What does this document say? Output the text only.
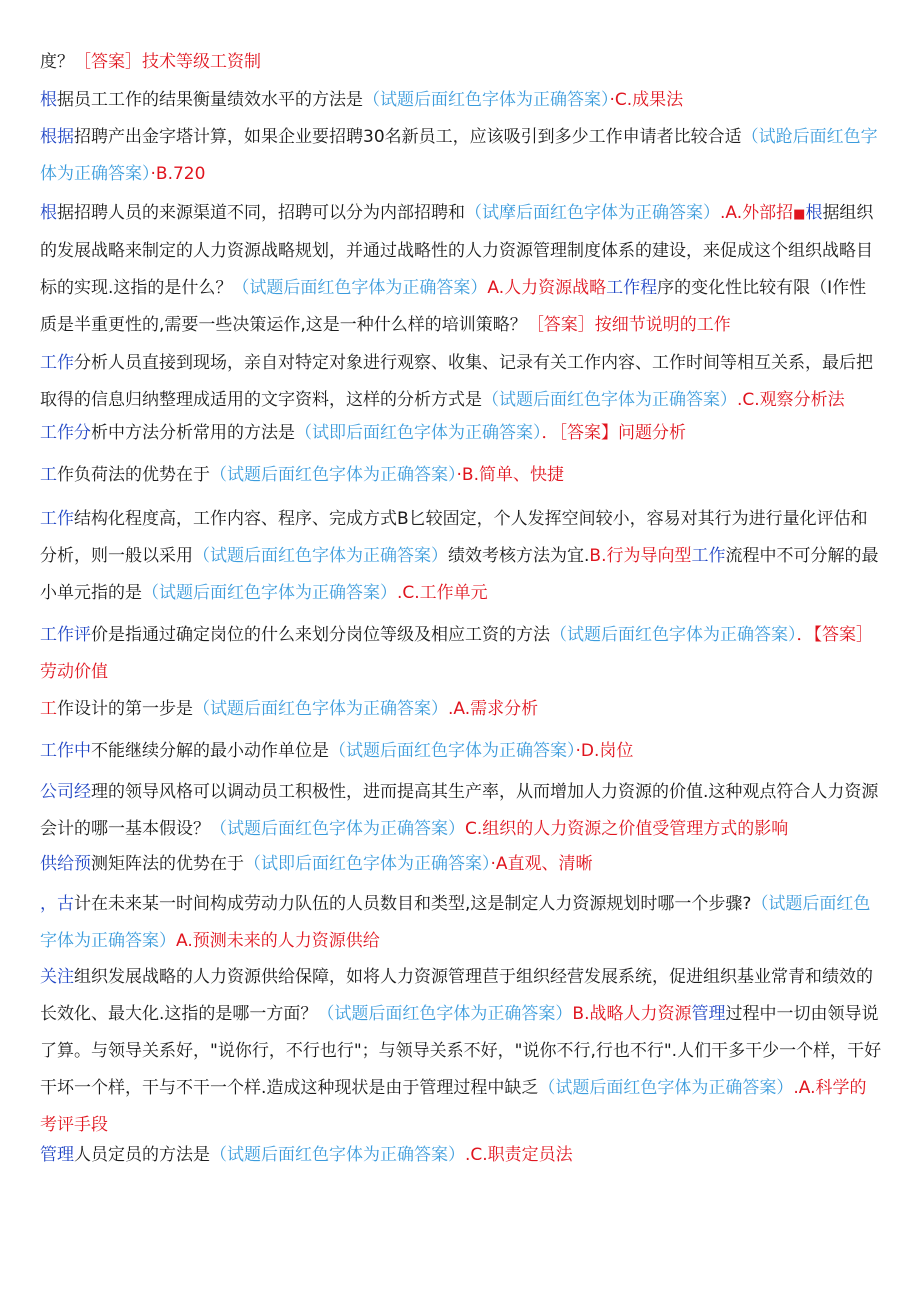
度？［答案］技术等级工资制

根据员工工作的结果衡量绩效水平的方法是（试题后面红色字体为正确答案）·C.成果法

根据招聘产出金字塔计算，如果企业要招聘30名新员工，应该吸引到多少工作申请者比较合适（试跄后面红色字体为正确答案）·B.720

根据招聘人员的来源渠道不同，招聘可以分为内部招聘和（试摩后面红色字体为正确答案）.A.外部招■根据组织的发展战略来制定的人力资源战略规划，并通过战略性的人力资源管理制度体系的建设，来促成这个组织战略目标的实现.这指的是什么？（试题后面红色字体为正确答案）A.人力资源战略工作程序的变化性比较有限（I作性质是半重更性的,需要一些决策运作,这是一种什么样的培训策略？［答案］按细节说明的工作

工作分析人员直接到现场，亲自对特定对象进行观察、收集、记录有关工作内容、工作时间等相互关系，最后把取得的信息归纳整理成适用的文字资料，这样的分析方式是（试题后面红色字体为正确答案）.C.观察分析法

工作分析中方法分析常用的方法是（试即后面红色字体为正确答案）．［答案】问题分析

工作负荷法的优势在于（试题后面红色字体为正确答案）·B.简单、快捷

工作结构化程度高，工作内容、程序、完成方式B匕较固定，个人发挥空间较小，容易对其行为进行量化评估和分析，则一般以采用（试题后面红色字体为正确答案）绩效考核方法为宜.B.行为导向型工作流程中不可分解的最小单元指的是（试题后面红色字体为正确答案）.C.工作单元

工作评价是指通过确定岗位的什么来划分岗位等级及相应工资的方法（试题后面红色字体为正确答案）．【答案］劳动价值

工作设计的第一步是（试题后面红色字体为正确答案）.A.需求分析

工作中不能继续分解的最小动作单位是（试题后面红色字体为正确答案）·D.岗位

公司经理的领导风格可以调动员工积极性，进而提高其生产率，从而增加人力资源的价值.这种观点符合人力资源会计的哪一基本假设？（试题后面红色字体为正确答案）C.组织的人力资源之价值受管理方式的影响

供给预测矩阵法的优势在于（试即后面红色字体为正确答案）·A直观、清晰

，古计在未来某一时间构成劳动力队伍的人员数目和类型,这是制定人力资源规划时哪一个步骤?（试题后面红色字体为正确答案）A.预测未来的人力资源供给

关注组织发展战略的人力资源供给保障，如将人力资源管理苣于组织经营发展系统，促进组织基业常青和绩效的长效化、最大化.这指的是哪一方面？（试题后面红色字体为正确答案）B.战略人力资源管理过程中一切由领导说了算。与领导关系好，"说你行，不行也行"；与领导关系不好，"说你不行,行也不行".人们干多干少一个样，干好干坏一个样，干与不干一个样.造成这种现状是由于管理过程中缺乏（试题后面红色字体为正确答案）.A.科学的考评手段

管理人员定员的方法是（试题后面红色字体为正确答案）.C.职责定员法
